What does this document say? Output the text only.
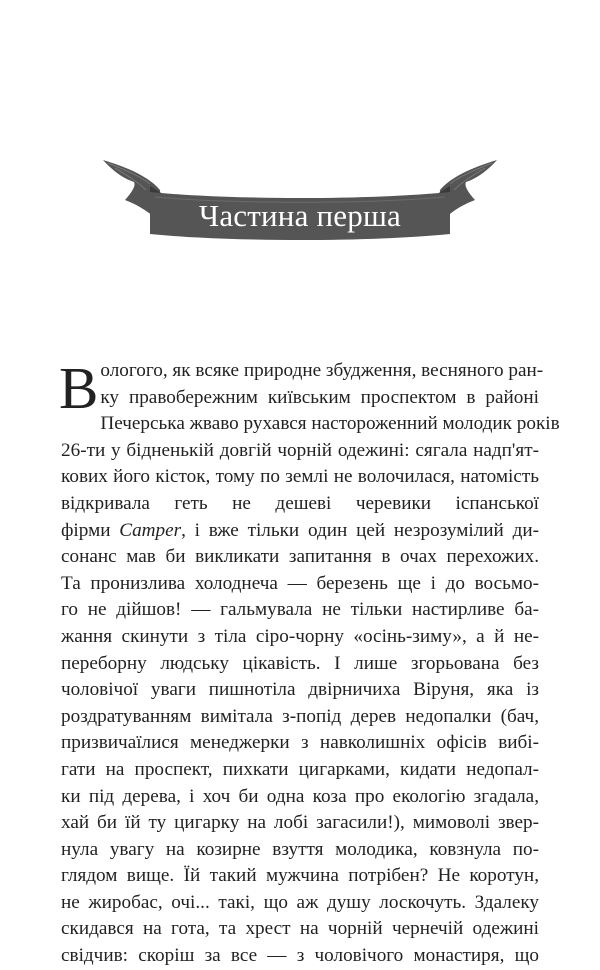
Частина перша
В ологого, як всяке природне збудження, весняного ран-
ку правобережним київським проспектом в районі
Печерська жваво рухався настороженний молодик років
26-ти у бідненькій довгій чорній одежині: сягала надп'ят-
кових його кісток, тому по землі не волочилася, натомість
відкривала геть не дешеві черевики іспанської
фірми Camper, і вже тільки один цей незрозумілий ди-
сонанс мав би викликати запитання в очах перехожих.
Та пронизлива холоднеча — березень ще і до восьмо-
го не дійшов! — гальмувала не тільки настирливе ба-
жання скинути з тіла сіро-чорну «осінь-зиму», а й не-
переборну людську цікавість. І лише згорьована без
чоловічої уваги пишнотіла двірничиха Віруня, яка із
роздратуванням вимітала з-попід дерев недопалки (бач,
призвичаїлися менеджерки з навколишніх офісів вибі-
гати на проспект, пихкати цигарками, кидати недопал-
ки під дерева, і хоч би одна коза про екологію згадала,
хай би їй ту цигарку на лобі загасили!), мимоволі звер-
нула увагу на козирне взуття молодика, ковзнула по-
глядом вище. Їй такий мужчина потрібен? Не коротун,
не жиробас, очі... такі, що аж душу лоскочуть. Здалеку
скидався на гота, та хрест на чорній чернечій одежині
свідчив: скоріш за все — з чоловічого монастиря, що
